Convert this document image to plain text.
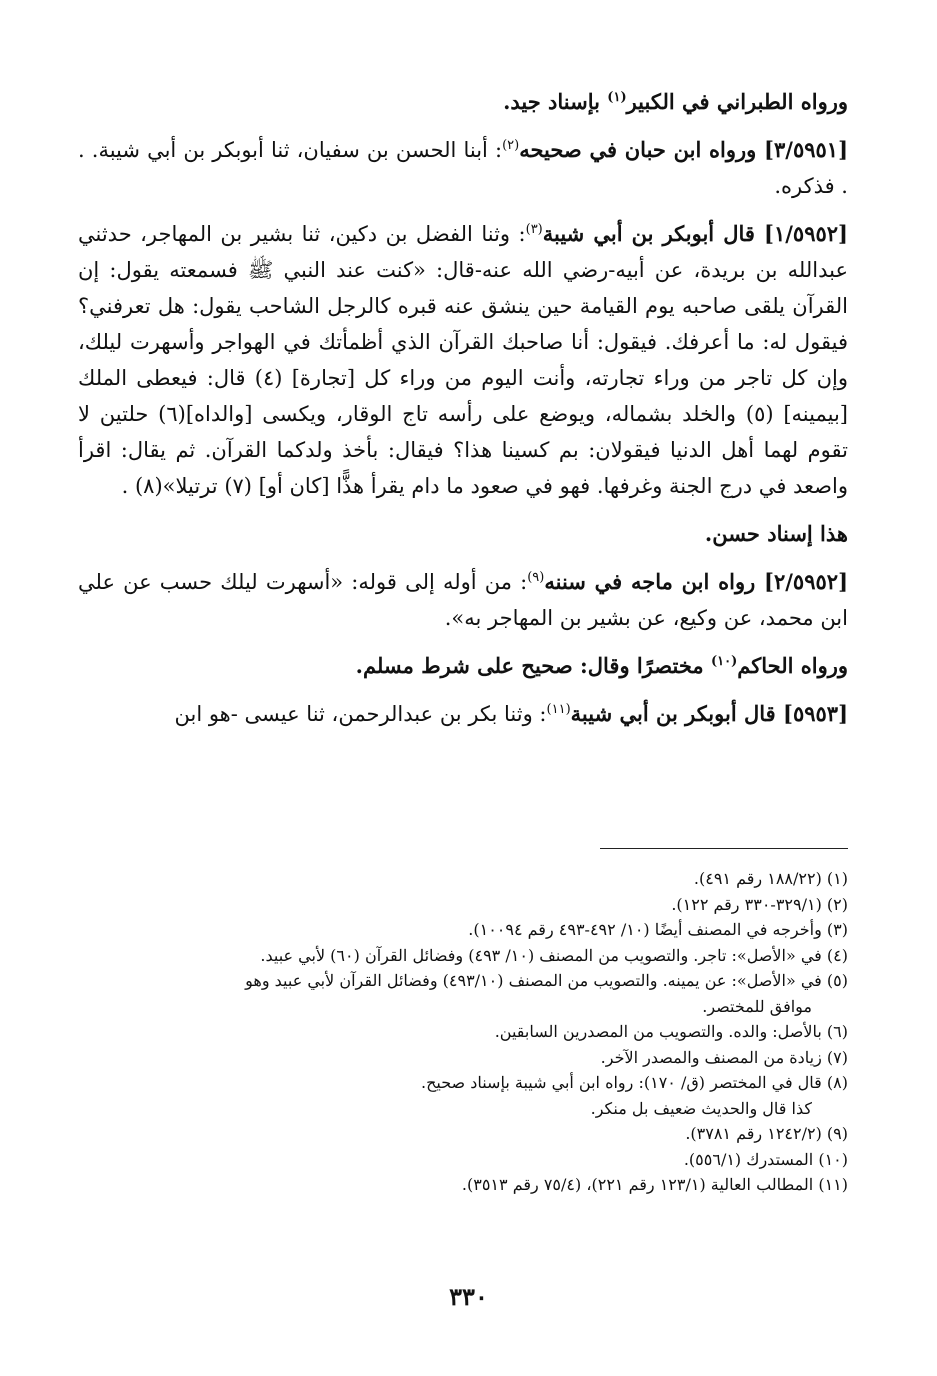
ورواه الطبراني في الكبير$^{(١)}$ بإسناد جيد.

[٣/٥٩٥١] ورواه ابن حبان في صحيحه$^{(٢)}$: أبنا الحسن بن سفيان، ثنا أبوبكر بن أبي شيبة. . . فذكره.

[١/٥٩٥٢] قال أبوبكر بن أبي شيبة$^{(٣)}$: وثنا الفضل بن دكين، ثنا بشير بن المهاجر، حدثني عبدالله بن بريدة، عن أبيه-رضي الله عنه-قال: «كنت عند النبي ﷺ فسمعته يقول: إن القرآن يلقى صاحبه يوم القيامة حين ينشق عنه قبره كالرجل الشاحب يقول: هل تعرفني؟ فيقول له: ما أعرفك. فيقول: أنا صاحبك القرآن الذي أظمأتك في الهواجر وأسهرت ليلك، وإن كل تاجر من وراء تجارته، وأنت اليوم من وراء كل [تجارة] (٤) قال: فيعطى الملك [بيمينه] (٥) والخلد بشماله، ويوضع على رأسه تاج الوقار، ويكسى [والداه](٦) حلتين لا تقوم لهما أهل الدنيا فيقولان: بم كسينا هذا؟ فيقال: بأخذ ولدكما القرآن. ثم يقال: اقرأ واصعد في درج الجنة وغرفها. فهو في صعود ما دام يقرأ هذًّا [كان أو] (٧) ترتيلا»(٨) .

هذا إسناد حسن.

[٢/٥٩٥٢] رواه ابن ماجه في سننه$^{(٩)}$: من أوله إلى قوله: «أسهرت ليلك حسب عن علي ابن محمد، عن وكيع، عن بشير بن المهاجر به».

ورواه الحاكم$^{(١٠)}$ مختصرًا وقال: صحيح على شرط مسلم.

[٥٩٥٣] قال أبوبكر بن أبي شيبة$^{(١١)}$: وثنا بكر بن عبدالرحمن، ثنا عيسى -هو ابن

(١) (١٨٨/٢٢ رقم ٤٩١).

(٢) (٣٢٩/١-٣٣٠ رقم ١٢٢).

(٣) وأخرجه في المصنف أيضًا (١٠/ ٤٩٢-٤٩٣ رقم ١٠٠٩٤).

(٤) في «الأصل»: تاجر. والتصويب من المصنف (١٠/ ٤٩٣) وفضائل القرآن (٦٠) لأبي عبيد.

(٥) في «الأصل»: عن يمينه. والتصويب من المصنف (٤٩٣/١٠) وفضائل القرآن لأبي عبيد وهو

موافق للمختصر.

(٦) بالأصل: والده. والتصويب من المصدرين السابقين.

(٧) زيادة من المصنف والمصدر الآخر.

(٨) قال في المختصر (ق/ ١٧٠): رواه ابن أبي شيبة بإسناد صحيح.

كذا قال والحديث ضعيف بل منكر.

(٩) (١٢٤٢/٢ رقم ٣٧٨١).

(١٠) المستدرك (٥٥٦/١).

(١١) المطالب العالية (١٢٣/١ رقم ٢٢١)، (٧٥/٤ رقم ٣٥١٣).

٣٣٠
